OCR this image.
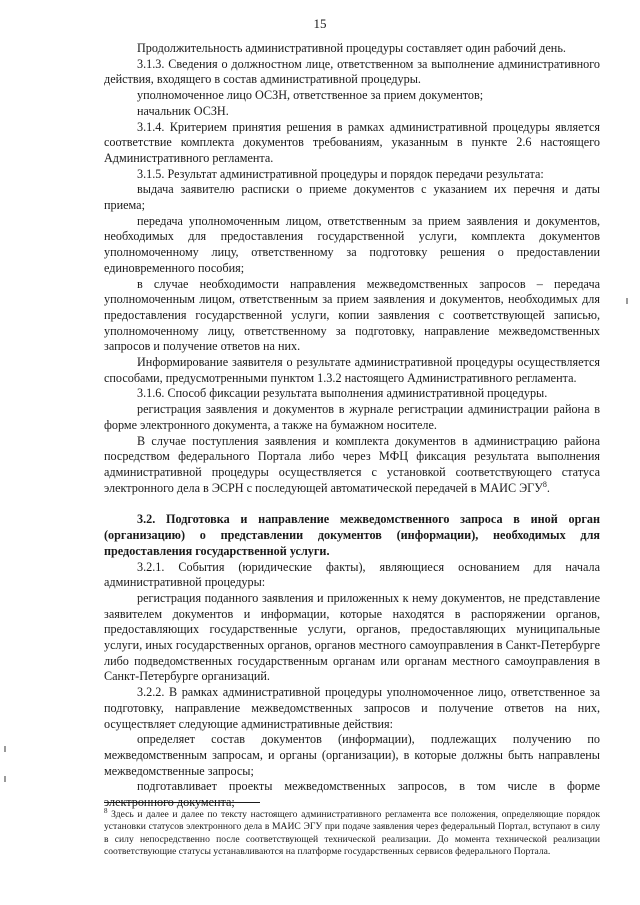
15

Продолжительность административной процедуры составляет один рабочий день.

3.1.3. Сведения о должностном лице, ответственном за выполнение административного действия, входящего в состав административной процедуры.

уполномоченное лицо ОСЗН, ответственное за прием документов;

начальник ОСЗН.

3.1.4. Критерием принятия решения в рамках административной процедуры является соответствие комплекта документов требованиям, указанным в пункте 2.6 настоящего Административного регламента.

3.1.5. Результат административной процедуры и порядок передачи результата:

выдача заявителю расписки о приеме документов с указанием их перечня и даты приема;

передача уполномоченным лицом, ответственным за прием заявления и документов, необходимых для предоставления государственной услуги, комплекта документов уполномоченному лицу, ответственному за подготовку решения о предоставлении единовременного пособия;

в случае необходимости направления межведомственных запросов – передача уполномоченным лицом, ответственным за прием заявления и документов, необходимых для предоставления государственной услуги, копии заявления с соответствующей записью, уполномоченному лицу, ответственному за подготовку, направление межведомственных запросов и получение ответов на них.

Информирование заявителя о результате административной процедуры осуществляется способами, предусмотренными пунктом 1.3.2 настоящего Административного регламента.

3.1.6. Способ фиксации результата выполнения административной процедуры.

регистрация заявления и документов в журнале регистрации администрации района в форме электронного документа, а также на бумажном носителе.

В случае поступления заявления и комплекта документов в администрацию района посредством федерального Портала либо через МФЦ фиксация результата выполнения административной процедуры осуществляется с установкой соответствующего статуса электронного дела в ЭСРН с последующей автоматической передачей в МАИС ЭГУ$^8$.

3.2. Подготовка и направление межведомственного запроса в иной орган (организацию) о представлении документов (информации), необходимых для предоставления государственной услуги.

3.2.1. События (юридические факты), являющиеся основанием для начала административной процедуры:

регистрация поданного заявления и приложенных к нему документов, не представление заявителем документов и информации, которые находятся в распоряжении органов, предоставляющих государственные услуги, органов, предоставляющих муниципальные услуги, иных государственных органов, органов местного самоуправления в Санкт-Петербурге либо подведомственных государственным органам или органам местного самоуправления в Санкт-Петербурге организаций.

3.2.2. В рамках административной процедуры уполномоченное лицо, ответственное за подготовку, направление межведомственных запросов и получение ответов на них, осуществляет следующие административные действия:

определяет состав документов (информации), подлежащих получению по межведомственным запросам, и органы (организации), в которые должны быть направлены межведомственные запросы;

подготавливает проекты межведомственных запросов, в том числе в форме электронного документа;

$^8$ Здесь и далее и далее по тексту настоящего административного регламента все положения, определяющие порядок установки статусов электронного дела в МАИС ЭГУ при подаче заявления через федеральный Портал, вступают в силу в силу непосредственно после соответствующей технической реализации. До момента технической реализации соответствующие статусы устанавливаются на платформе государственных сервисов федерального Портала.
